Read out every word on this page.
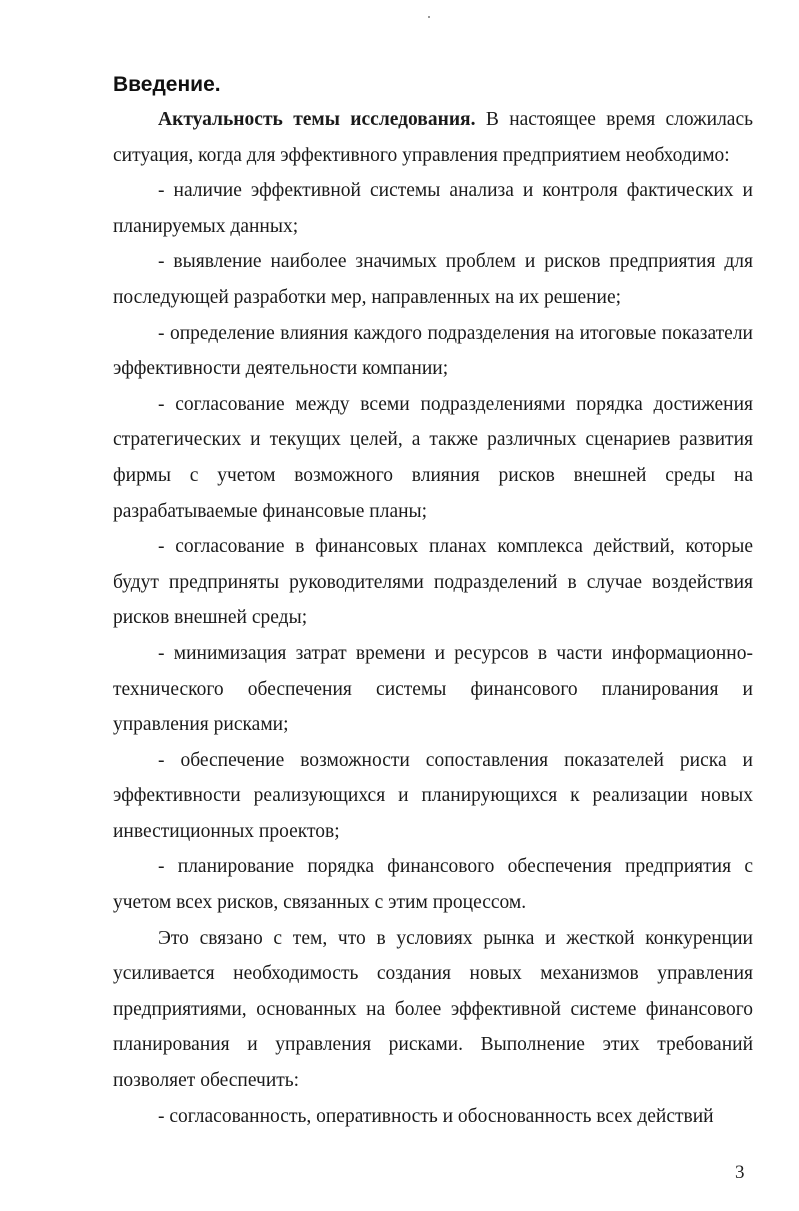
Введение.

Актуальность темы исследования. В настоящее время сложилась ситуация, когда для эффективного управления предприятием необходимо:

- наличие эффективной системы анализа и контроля фактических и планируемых данных;

- выявление наиболее значимых проблем и рисков предприятия для последующей разработки мер, направленных на их решение;

- определение влияния каждого подразделения на итоговые показатели эффективности деятельности компании;

- согласование между всеми подразделениями порядка достижения стратегических и текущих целей, а также различных сценариев развития фирмы с учетом возможного влияния рисков внешней среды на разрабатываемые финансовые планы;

- согласование в финансовых планах комплекса действий, которые будут предприняты руководителями подразделений в случае воздействия рисков внешней среды;

- минимизация затрат времени и ресурсов в части информационно-технического обеспечения системы финансового планирования и управления рисками;

- обеспечение возможности сопоставления показателей риска и эффективности реализующихся и планирующихся к реализации новых инвестиционных проектов;

- планирование порядка финансового обеспечения предприятия с учетом всех рисков, связанных с этим процессом.

Это связано с тем, что в условиях рынка и жесткой конкуренции усиливается необходимость создания новых механизмов управления предприятиями, основанных на более эффективной системе финансового планирования и управления рисками. Выполнение этих требований позволяет обеспечить:

- согласованность, оперативность и обоснованность всех действий

3
